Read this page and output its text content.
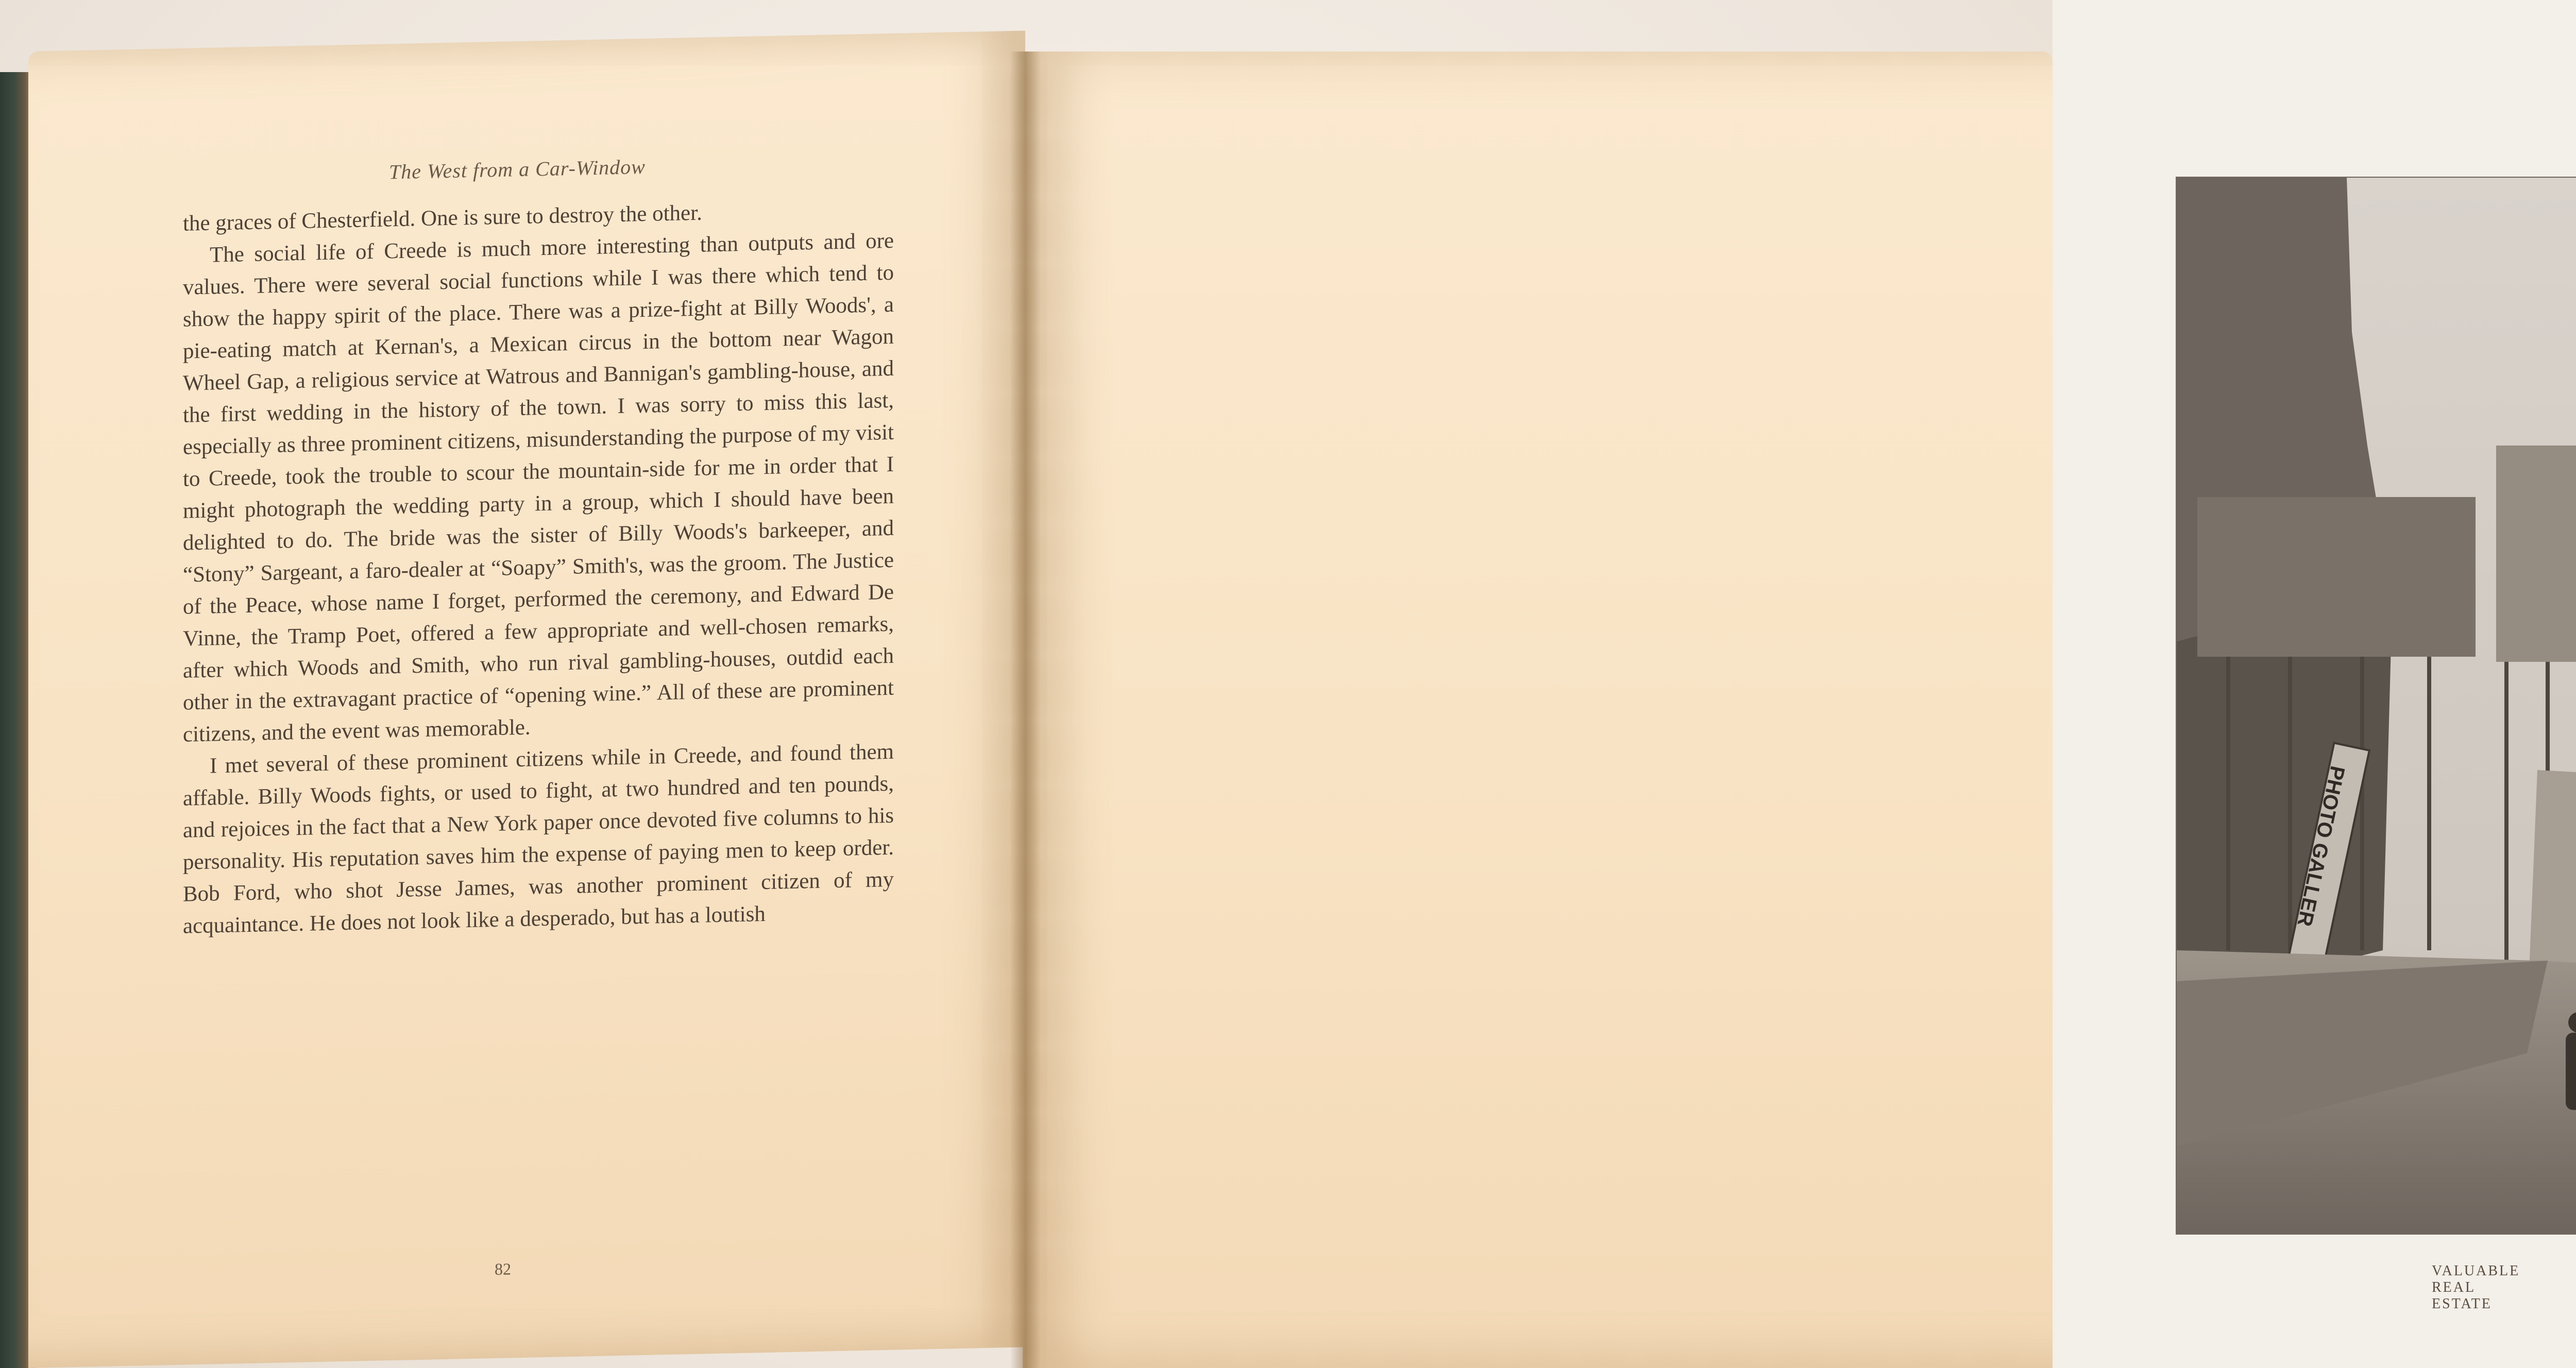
The West from a Car-Window

the graces of Chesterfield. One is sure to destroy the other.

The social life of Creede is much more interesting than outputs and ore values. There were several social functions while I was there which tend to show the happy spirit of the place. There was a prize-fight at Billy Woods', a pie-eating match at Kernan's, a Mexican circus in the bottom near Wagon Wheel Gap, a religious service at Watrous and Bannigan's gambling-house, and the first wedding in the history of the town. I was sorry to miss this last, especially as three prominent citizens, misunderstanding the purpose of my visit to Creede, took the trouble to scour the mountain-side for me in order that I might photograph the wedding party in a group, which I should have been delighted to do. The bride was the sister of Billy Woods's barkeeper, and “Stony” Sargeant, a faro-dealer at “Soapy” Smith's, was the groom. The Justice of the Peace, whose name I forget, performed the ceremony, and Edward De Vinne, the Tramp Poet, offered a few appropriate and well-chosen remarks, after which Woods and Smith, who run rival gambling-houses, outdid each other in the extravagant practice of “opening wine.” All of these are prominent citizens, and the event was memorable.

I met several of these prominent citizens while in Creede, and found them affable. Billy Woods fights, or used to fight, at two hundred and ten pounds, and rejoices in the fact that a New York paper once devoted five columns to his personality. His reputation saves him the expense of paying men to keep order. Bob Ford, who shot Jesse James, was another prominent citizen of my acquaintance. He does not look like a desperado, but has a loutish

82
PHOTO GALLER
VALUABLE REAL ESTATE
